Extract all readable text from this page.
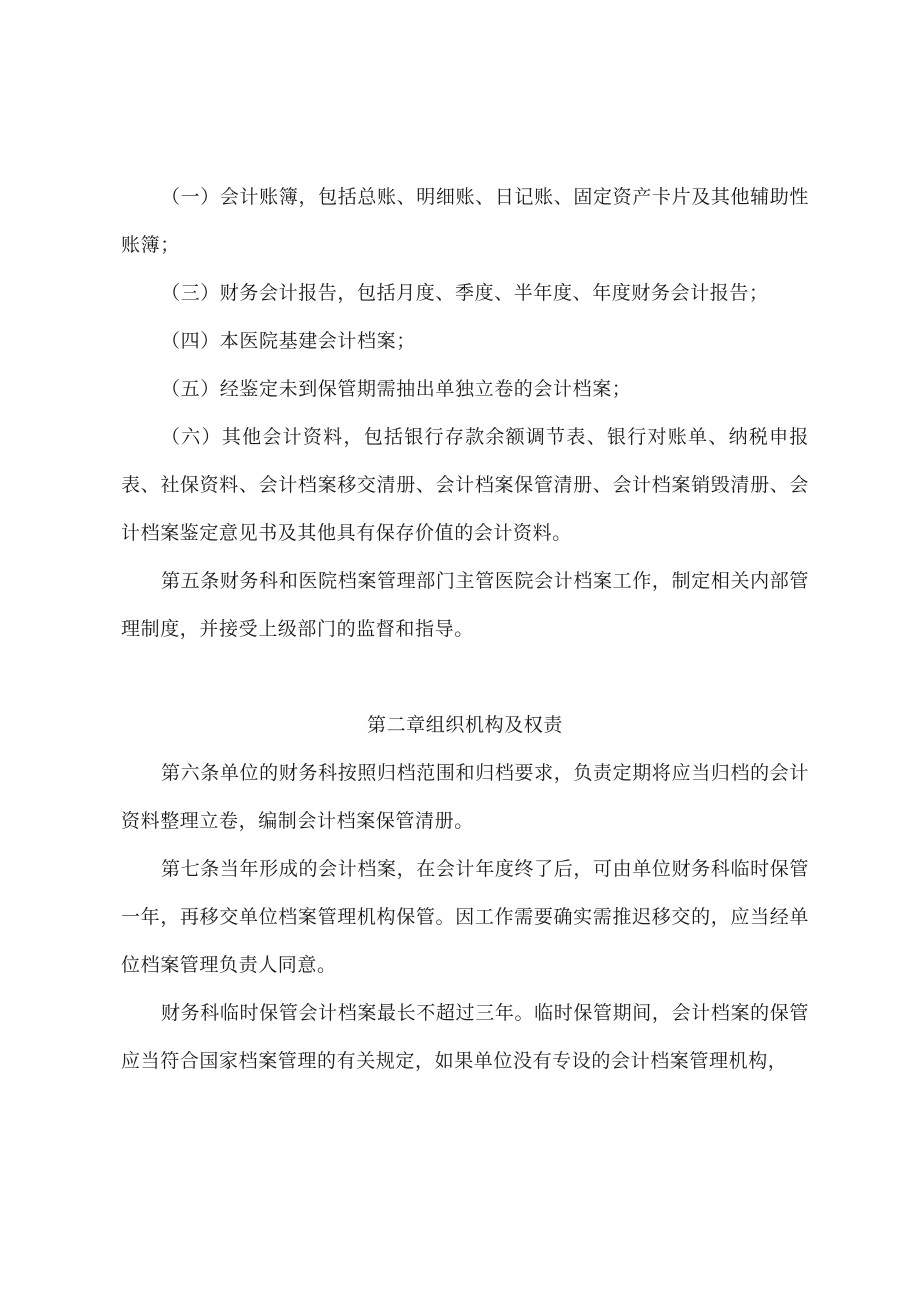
（一）会计账簿，包括总账、明细账、日记账、固定资产卡片及其他辅助性账簿；

（三）财务会计报告，包括月度、季度、半年度、年度财务会计报告；

（四）本医院基建会计档案；

（五）经鉴定未到保管期需抽出单独立卷的会计档案；

（六）其他会计资料，包括银行存款余额调节表、银行对账单、纳税申报表、社保资料、会计档案移交清册、会计档案保管清册、会计档案销毁清册、会计档案鉴定意见书及其他具有保存价值的会计资料。

第五条财务科和医院档案管理部门主管医院会计档案工作，制定相关内部管理制度，并接受上级部门的监督和指导。

第二章组织机构及权责

第六条单位的财务科按照归档范围和归档要求，负责定期将应当归档的会计资料整理立卷，编制会计档案保管清册。

第七条当年形成的会计档案，在会计年度终了后，可由单位财务科临时保管一年，再移交单位档案管理机构保管。因工作需要确实需推迟移交的，应当经单位档案管理负责人同意。

财务科临时保管会计档案最长不超过三年。临时保管期间，会计档案的保管应当符合国家档案管理的有关规定，如果单位没有专设的会计档案管理机构，
